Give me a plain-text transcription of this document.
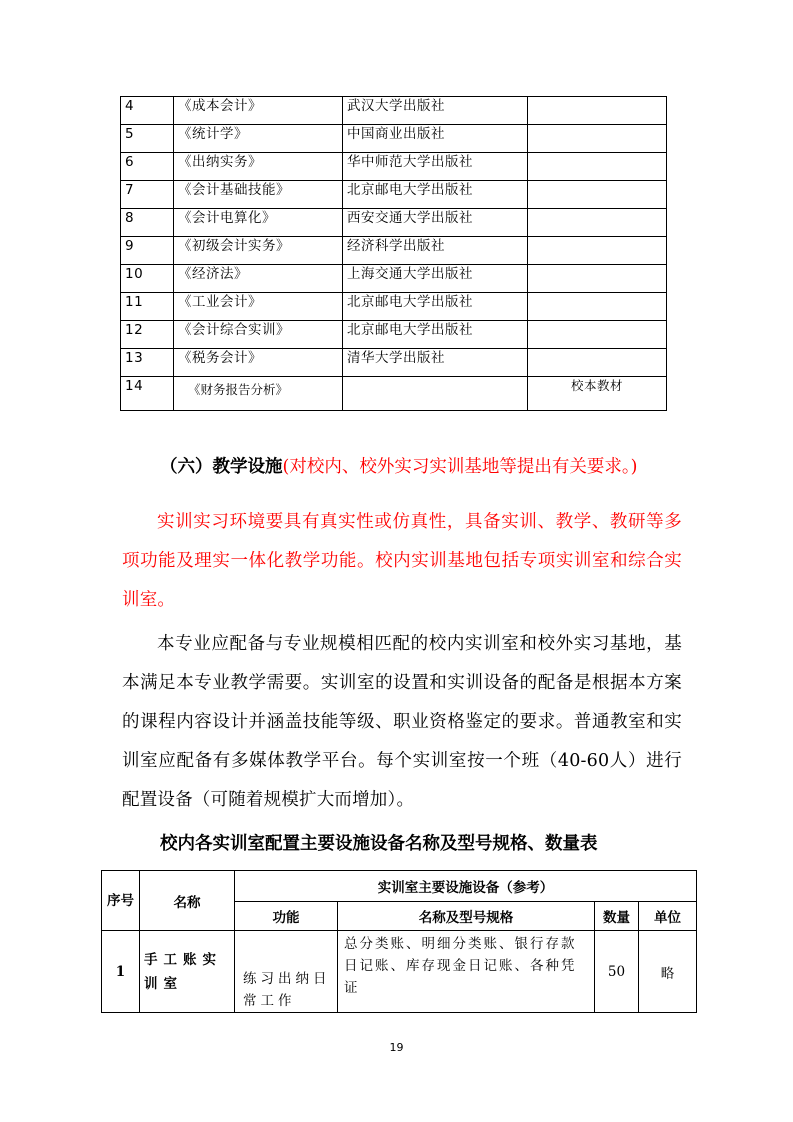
4	《成本会计》	武汉大学出版社	
5	《统计学》	中国商业出版社	
6	《出纳实务》	华中师范大学出版社	
7	《会计基础技能》	北京邮电大学出版社	
8	《会计电算化》	西安交通大学出版社	
9	《初级会计实务》	经济科学出版社	
10	《经济法》	上海交通大学出版社	
11	《工业会计》	北京邮电大学出版社	
12	《会计综合实训》	北京邮电大学出版社	
13	《税务会计》	清华大学出版社	
14	《财务报告分析》		校本教材
（六）教学设施(对校内、校外实习实训基地等提出有关要求。)

实训实习环境要具有真实性或仿真性，具备实训、教学、教研等多项功能及理实一体化教学功能。校内实训基地包括专项实训室和综合实训室。

本专业应配备与专业规模相匹配的校内实训室和校外实习基地，基本满足本专业教学需要。实训室的设置和实训设备的配备是根据本方案的课程内容设计并涵盖技能等级、职业资格鉴定的要求。普通教室和实训室应配备有多媒体教学平台。每个实训室按一个班（40-60人）进行配置设备（可随着规模扩大而增加）。

校内各实训室配置主要设施设备名称及型号规格、数量表
序号	名称	实训室主要设施设备（参考）			
		功能	名称及型号规格	数量	单位
1	手工账实训室	练习出纳日常工作	总分类账、明细分类账、银行存款日记账、库存现金日记账、各种凭证	50	略
19
